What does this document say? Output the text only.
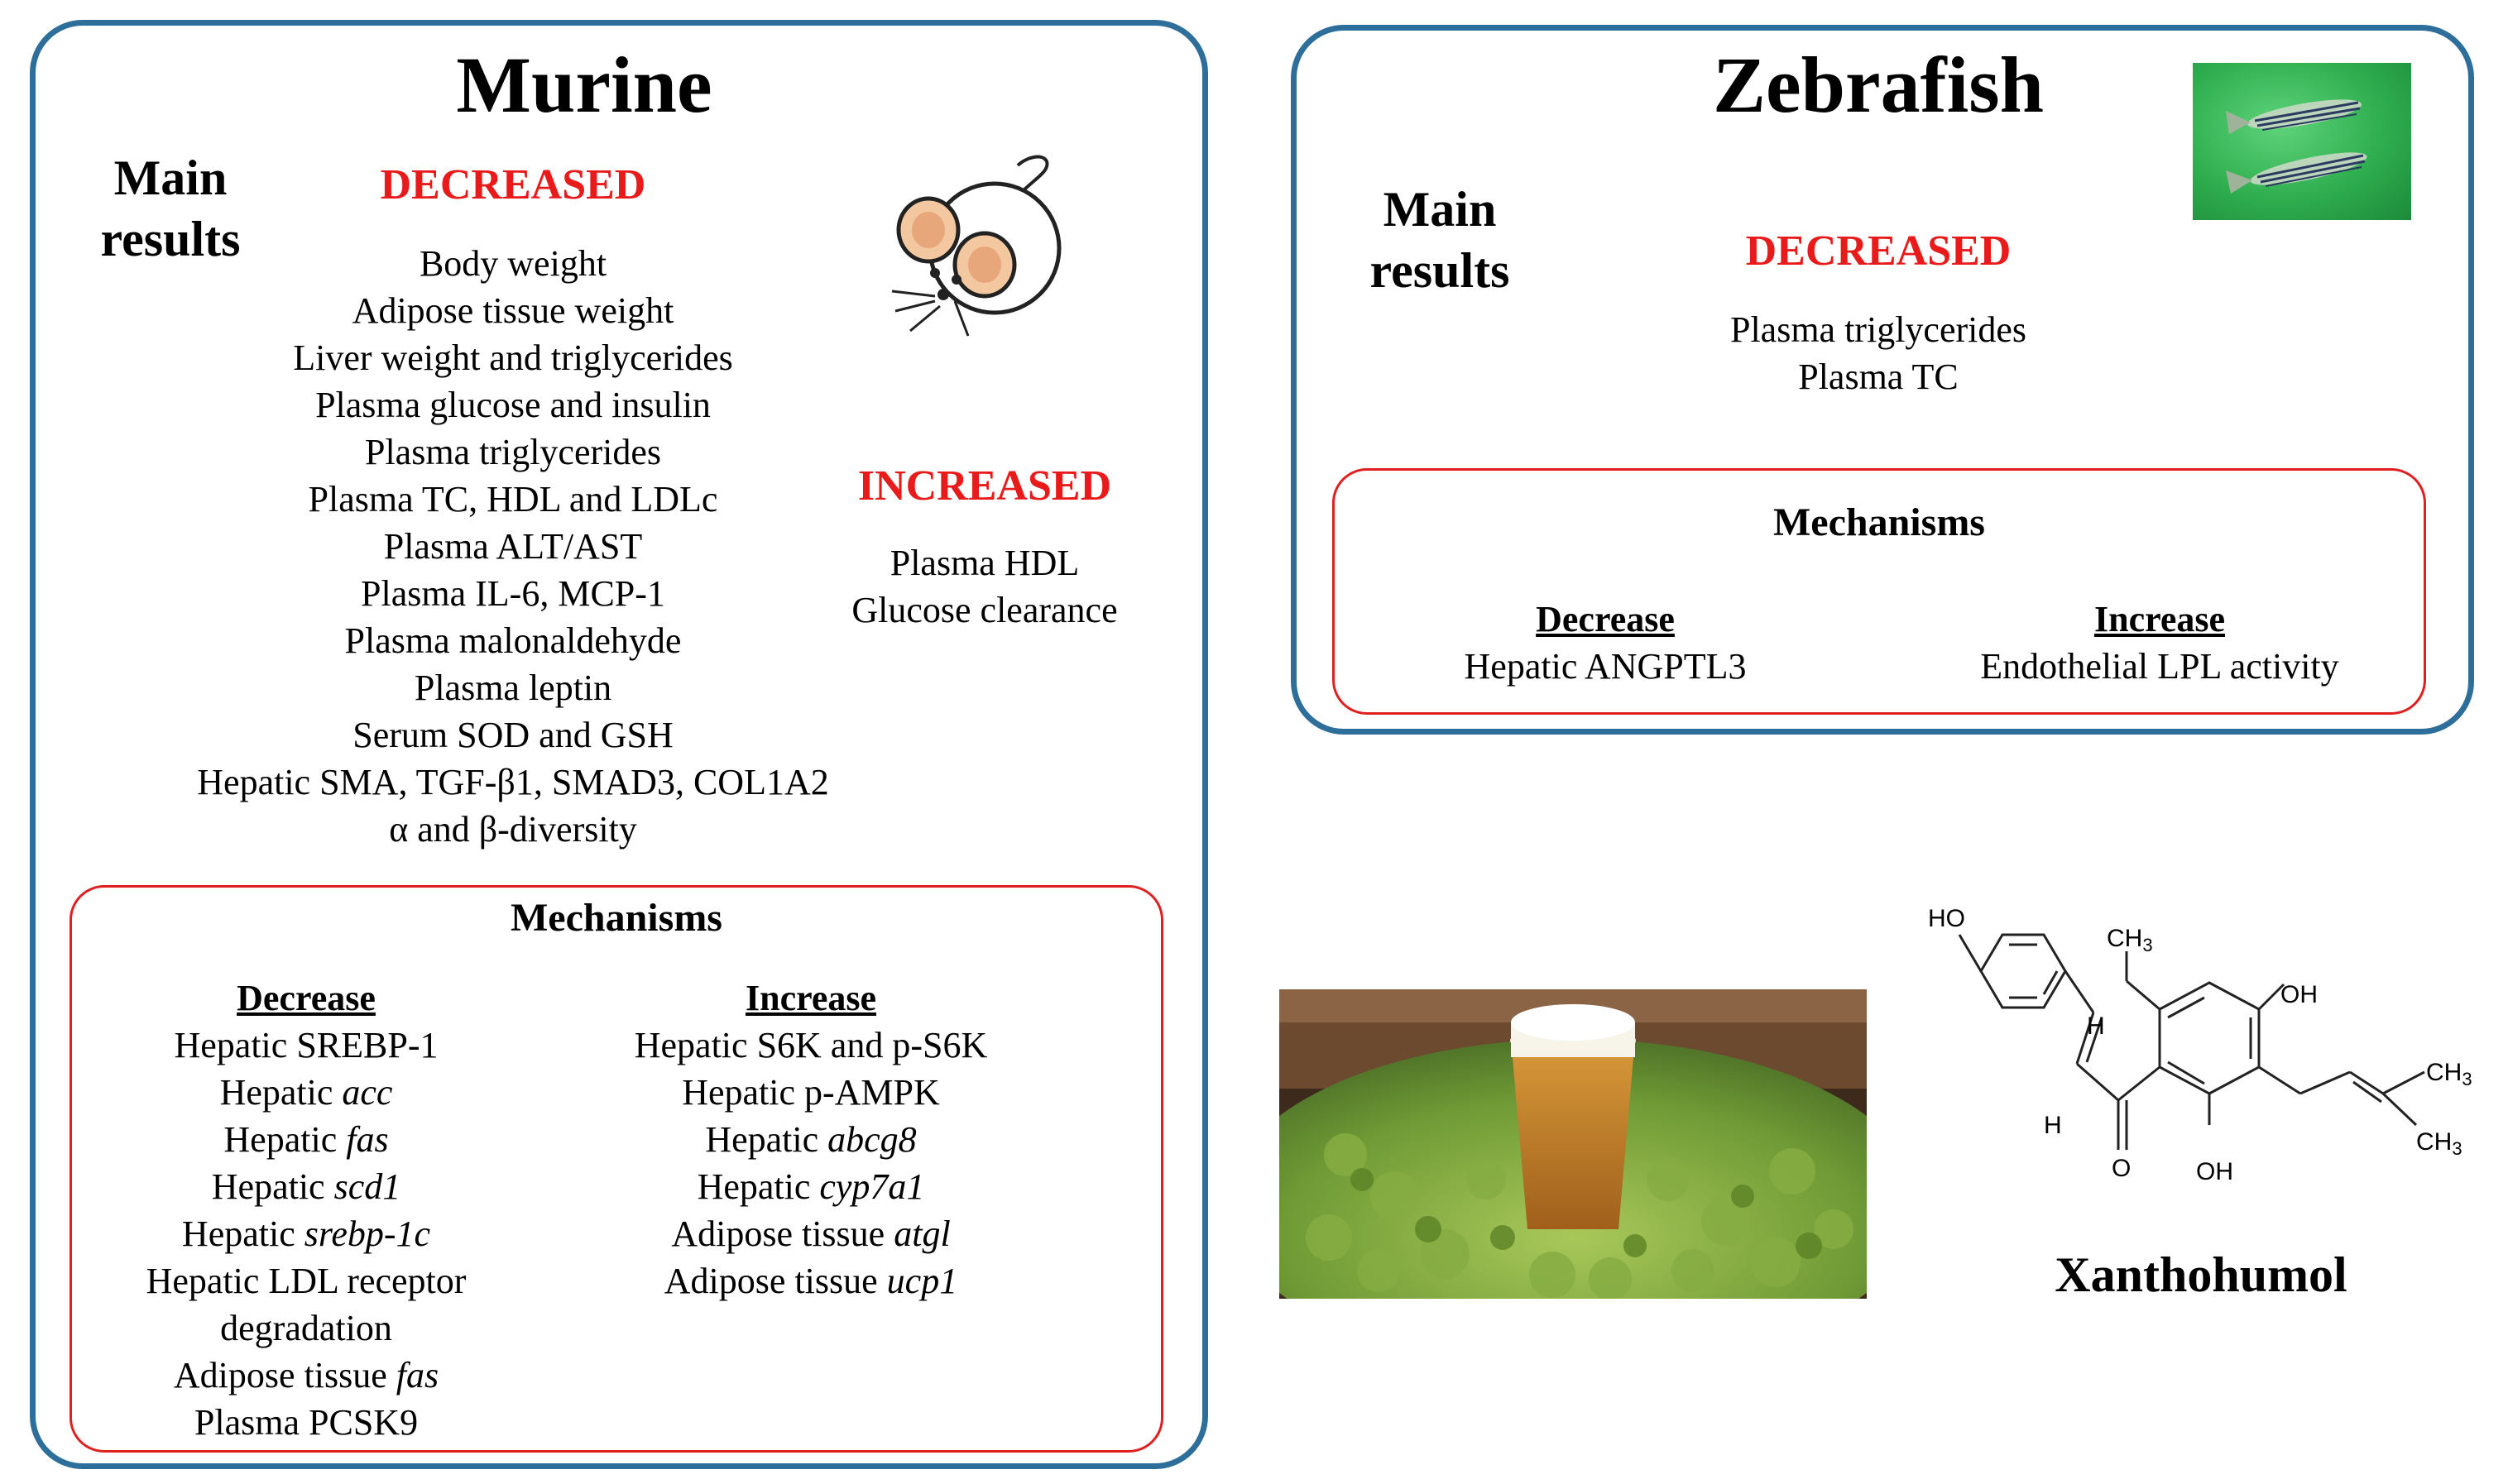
Murine
Main
results
DECREASED
Body weight
Adipose tissue weight
Liver weight and triglycerides
Plasma glucose and insulin
Plasma triglycerides
Plasma TC, HDL and LDLc
Plasma ALT/AST
Plasma IL-6, MCP-1
Plasma malonaldehyde
Plasma leptin
Serum SOD and GSH
Hepatic SMA, TGF-β1, SMAD3, COL1A2
α and β-diversity
INCREASED
Plasma HDL
Glucose clearance
Mechanisms
Decrease
Hepatic SREBP-1
Hepatic acc
Hepatic fas
Hepatic scd1
Hepatic srebp-1c
Hepatic LDL receptor
degradation
Adipose tissue fas
Plasma PCSK9
Increase
Hepatic S6K and p-S6K
Hepatic p-AMPK
Hepatic abcg8
Hepatic cyp7a1
Adipose tissue atgl
Adipose tissue ucp1
Zebrafish
Main
results	DECREASED
Plasma triglycerides
Plasma TC
Mechanisms
Decrease
Hepatic ANGPTL3
Increase
Endothelial LPL activity
HO
$CH_3$
H
H
O
OH
OH
$CH_3$
$CH_3$
Xanthohumol
